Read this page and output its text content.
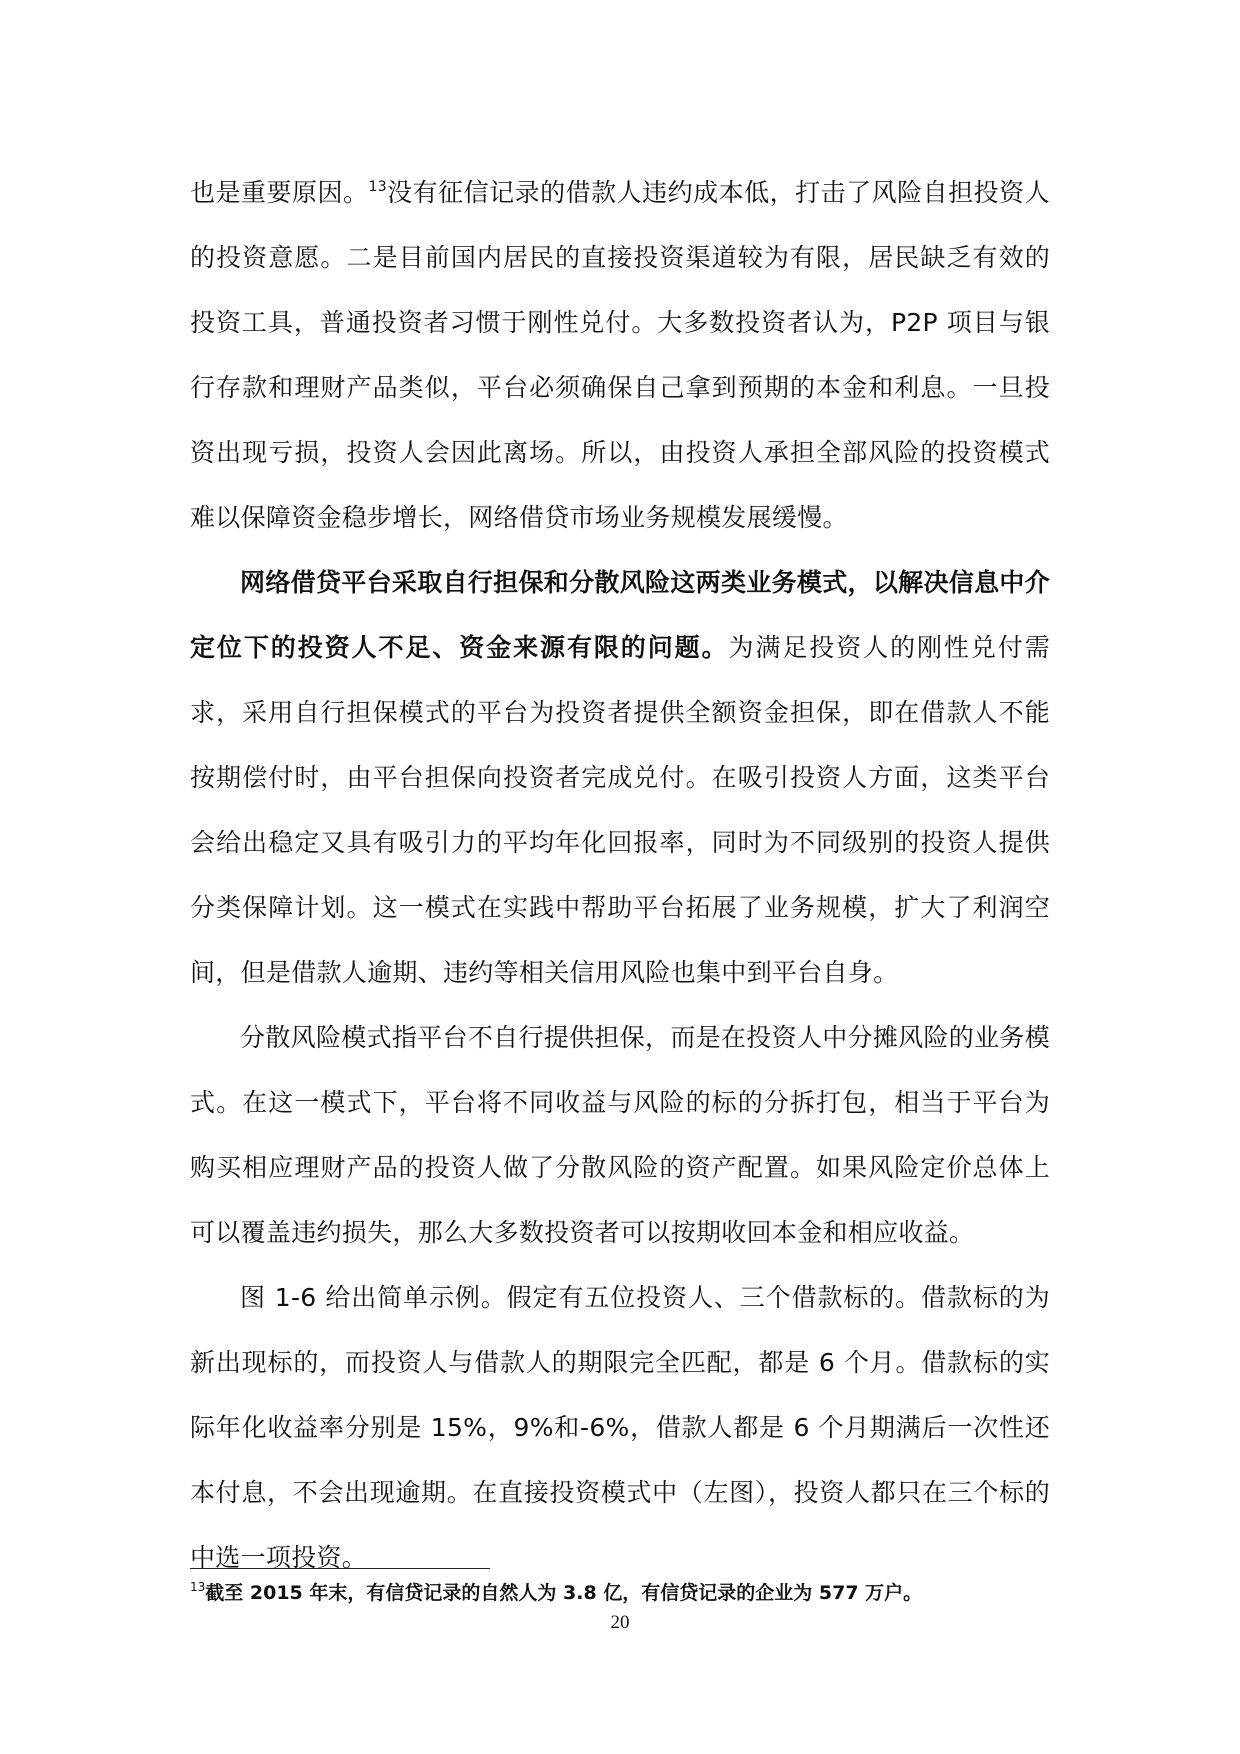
也是重要原因。$^{13}$没有征信记录的借款人违约成本低，打击了风险自担投资人的投资意愿。二是目前国内居民的直接投资渠道较为有限，居民缺乏有效的投资工具，普通投资者习惯于刚性兑付。大多数投资者认为，P2P 项目与银行存款和理财产品类似，平台必须确保自己拿到预期的本金和利息。一旦投资出现亏损，投资人会因此离场。所以，由投资人承担全部风险的投资模式难以保障资金稳步增长，网络借贷市场业务规模发展缓慢。

网络借贷平台采取自行担保和分散风险这两类业务模式，以解决信息中介定位下的投资人不足、资金来源有限的问题。为满足投资人的刚性兑付需求，采用自行担保模式的平台为投资者提供全额资金担保，即在借款人不能按期偿付时，由平台担保向投资者完成兑付。在吸引投资人方面，这类平台会给出稳定又具有吸引力的平均年化回报率，同时为不同级别的投资人提供分类保障计划。这一模式在实践中帮助平台拓展了业务规模，扩大了利润空间，但是借款人逾期、违约等相关信用风险也集中到平台自身。

分散风险模式指平台不自行提供担保，而是在投资人中分摊风险的业务模式。在这一模式下，平台将不同收益与风险的标的分拆打包，相当于平台为购买相应理财产品的投资人做了分散风险的资产配置。如果风险定价总体上可以覆盖违约损失，那么大多数投资者可以按期收回本金和相应收益。

图 1-6 给出简单示例。假定有五位投资人、三个借款标的。借款标的为新出现标的，而投资人与借款人的期限完全匹配，都是 6 个月。借款标的实际年化收益率分别是 15%，9%和-6%，借款人都是 6 个月期满后一次性还本付息，不会出现逾期。在直接投资模式中（左图），投资人都只在三个标的中选一项投资。

$^{13}$截至 2015 年末，有信贷记录的自然人为 3.8 亿，有信贷记录的企业为 577 万户。
20
